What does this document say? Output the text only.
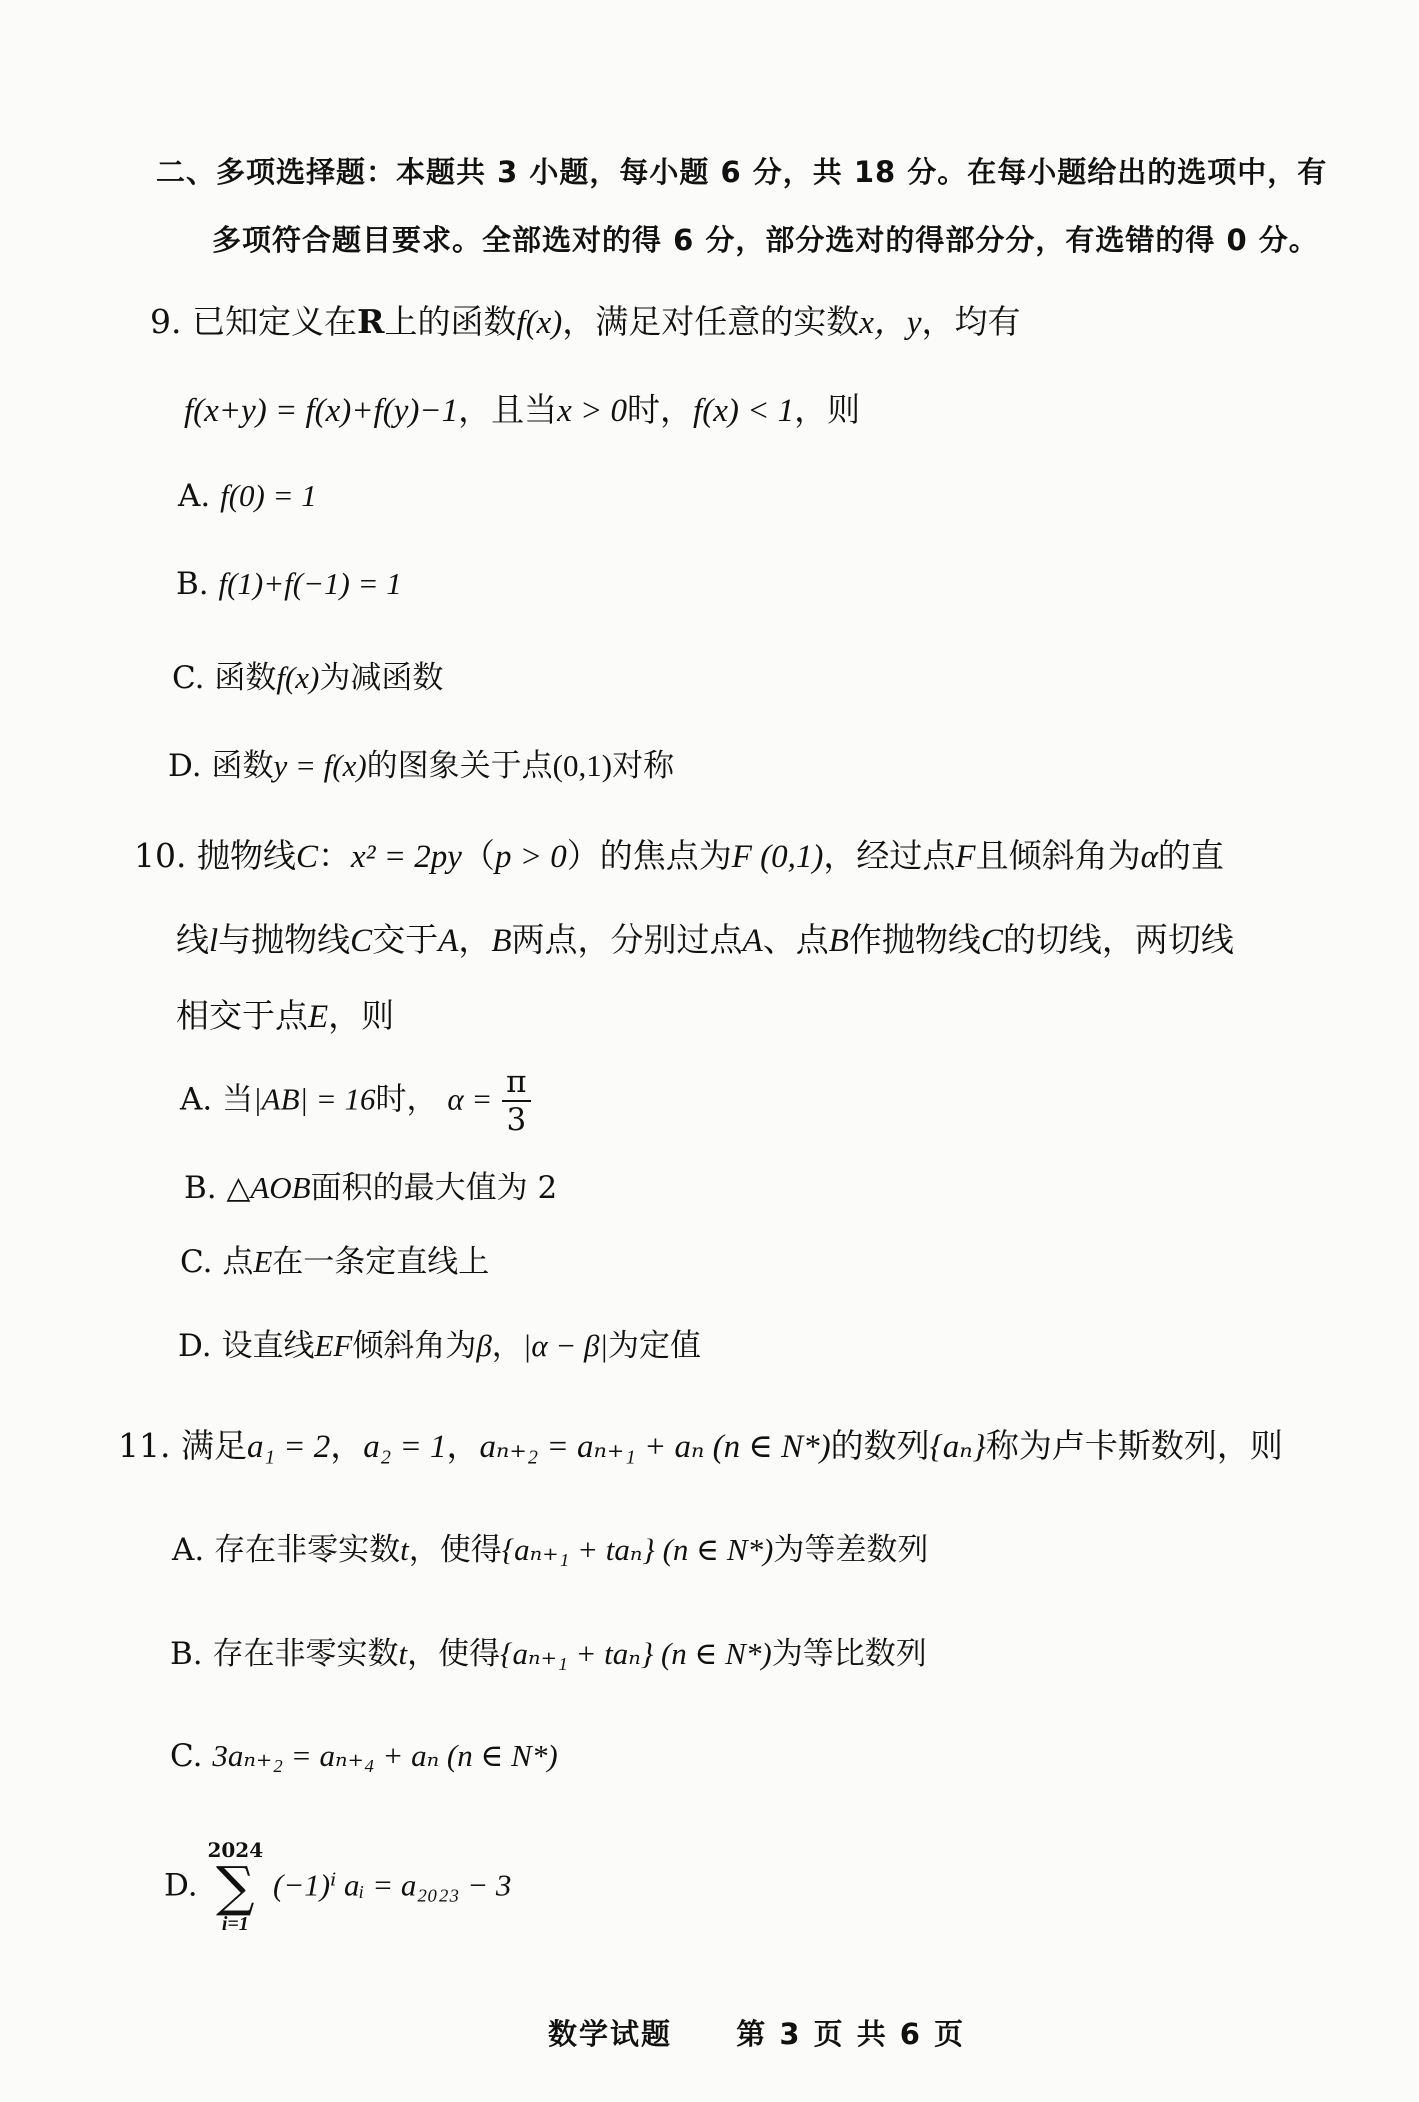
二、多项选择题：本题共 3 小题，每小题 6 分，共 18 分。在每小题给出的选项中，有
多项符合题目要求。全部选对的得 6 分，部分选对的得部分分，有选错的得 0 分。
9. 已知定义在R上的函数f(x)，满足对任意的实数x，y，均有
f(x+y) = f(x)+f(y)−1，且当x > 0时，f(x) < 1，则
A. f(0) = 1
B. f(1)+f(−1) = 1
C. 函数f(x)为减函数
D. 函数y = f(x)的图象关于点(0,1)对称
10. 抛物线C：x² = 2py（p > 0）的焦点为F (0,1)，经过点F且倾斜角为α的直
线l与抛物线C交于A，B两点，分别过点A、点B作抛物线C的切线，两切线
相交于点E，则
A. 当|AB| = 16时， $\alpha = \frac{\pi}{3}$
B. △AOB面积的最大值为 2
C. 点E在一条定直线上
D. 设直线EF倾斜角为β，|α − β|为定值
11. 满足a₁ = 2，a₂ = 1，aₙ₊₂ = aₙ₊₁ + aₙ (n ∈ N*)的数列{aₙ}称为卢卡斯数列，则
A. 存在非零实数t，使得{aₙ₊₁ + taₙ} (n ∈ N*)为等差数列
B. 存在非零实数t，使得{aₙ₊₁ + taₙ} (n ∈ N*)为等比数列
C. 3aₙ₊₂ = aₙ₊₄ + aₙ (n ∈ N*)
D.
2024
∑
i=1
(−1)ⁱ aᵢ = a₂₀₂₃ − 3
数学试题 第 3 页 共 6 页
